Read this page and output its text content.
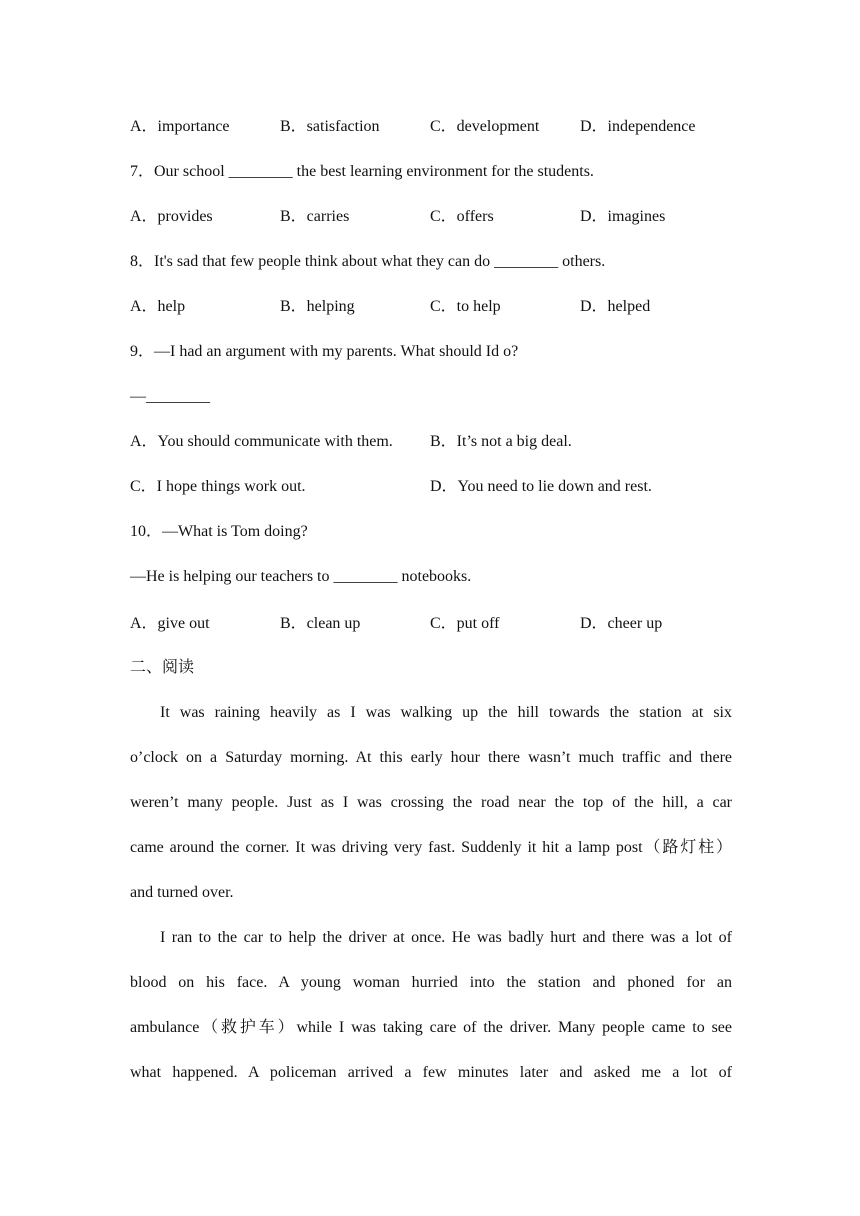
A．importance	B．satisfaction	C．development	D．independence
7．Our school ________ the best learning environment for the students.
A．provides	B．carries	C．offers	D．imagines
8．It's sad that few people think about what they can do ________ others.
A．help	B．helping	C．to help	D．helped
9．—I had an argument with my parents. What should Id o?
—________
A．You should communicate with them. B．It’s not a big deal.
C．I hope things work out.	D．You need to lie down and rest.
10．—What is Tom doing?
—He is helping our teachers to ________ notebooks.
A．give out	B．clean up	C．put off	D．cheer up
二、阅读
It was raining heavily as I was walking up the hill towards the station at six
o’clock on a Saturday morning. At this early hour there wasn’t much traffic and there
weren’t many people. Just as I was crossing the road near the top of the hill, a car
came around the corner. It was driving very fast. Suddenly it hit a lamp post（路灯柱）
and turned over.
I ran to the car to help the driver at once. He was badly hurt and there was a lot of
blood on his face. A young woman hurried into the station and phoned for an
ambulance（救护车）while I was taking care of the driver. Many people came to see
what happened. A policeman arrived a few minutes later and asked me a lot of
